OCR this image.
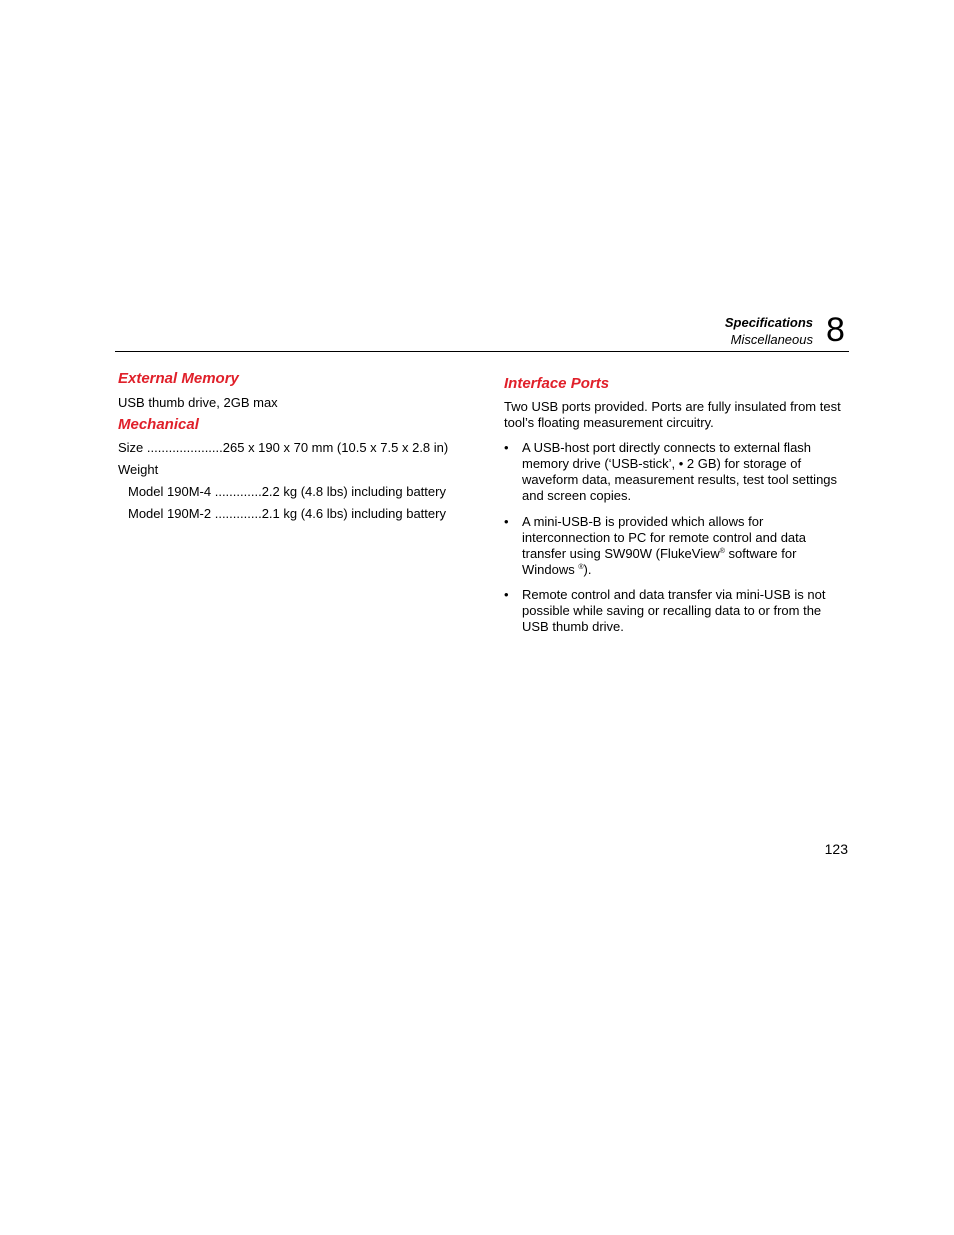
Specifications
Miscellaneous 8
External Memory
USB thumb drive, 2GB max
Mechanical
Size .....................265 x 190 x 70 mm (10.5 x 7.5 x 2.8 in)
Weight
Model 190M-4 .............2.2 kg (4.8 lbs) including battery
Model 190M-2 .............2.1 kg (4.6 lbs) including battery
Interface Ports
Two USB ports provided. Ports are fully insulated from test tool’s floating measurement circuitry.
• A USB-host port directly connects to external flash memory drive (‘USB-stick’, • 2 GB) for storage of waveform data, measurement results, test tool settings and screen copies.
• A mini-USB-B is provided which allows for interconnection to PC for remote control and data transfer using SW90W (FlukeView® software for Windows ®).
• Remote control and data transfer via mini-USB is not possible while saving or recalling data to or from the USB thumb drive.
123
